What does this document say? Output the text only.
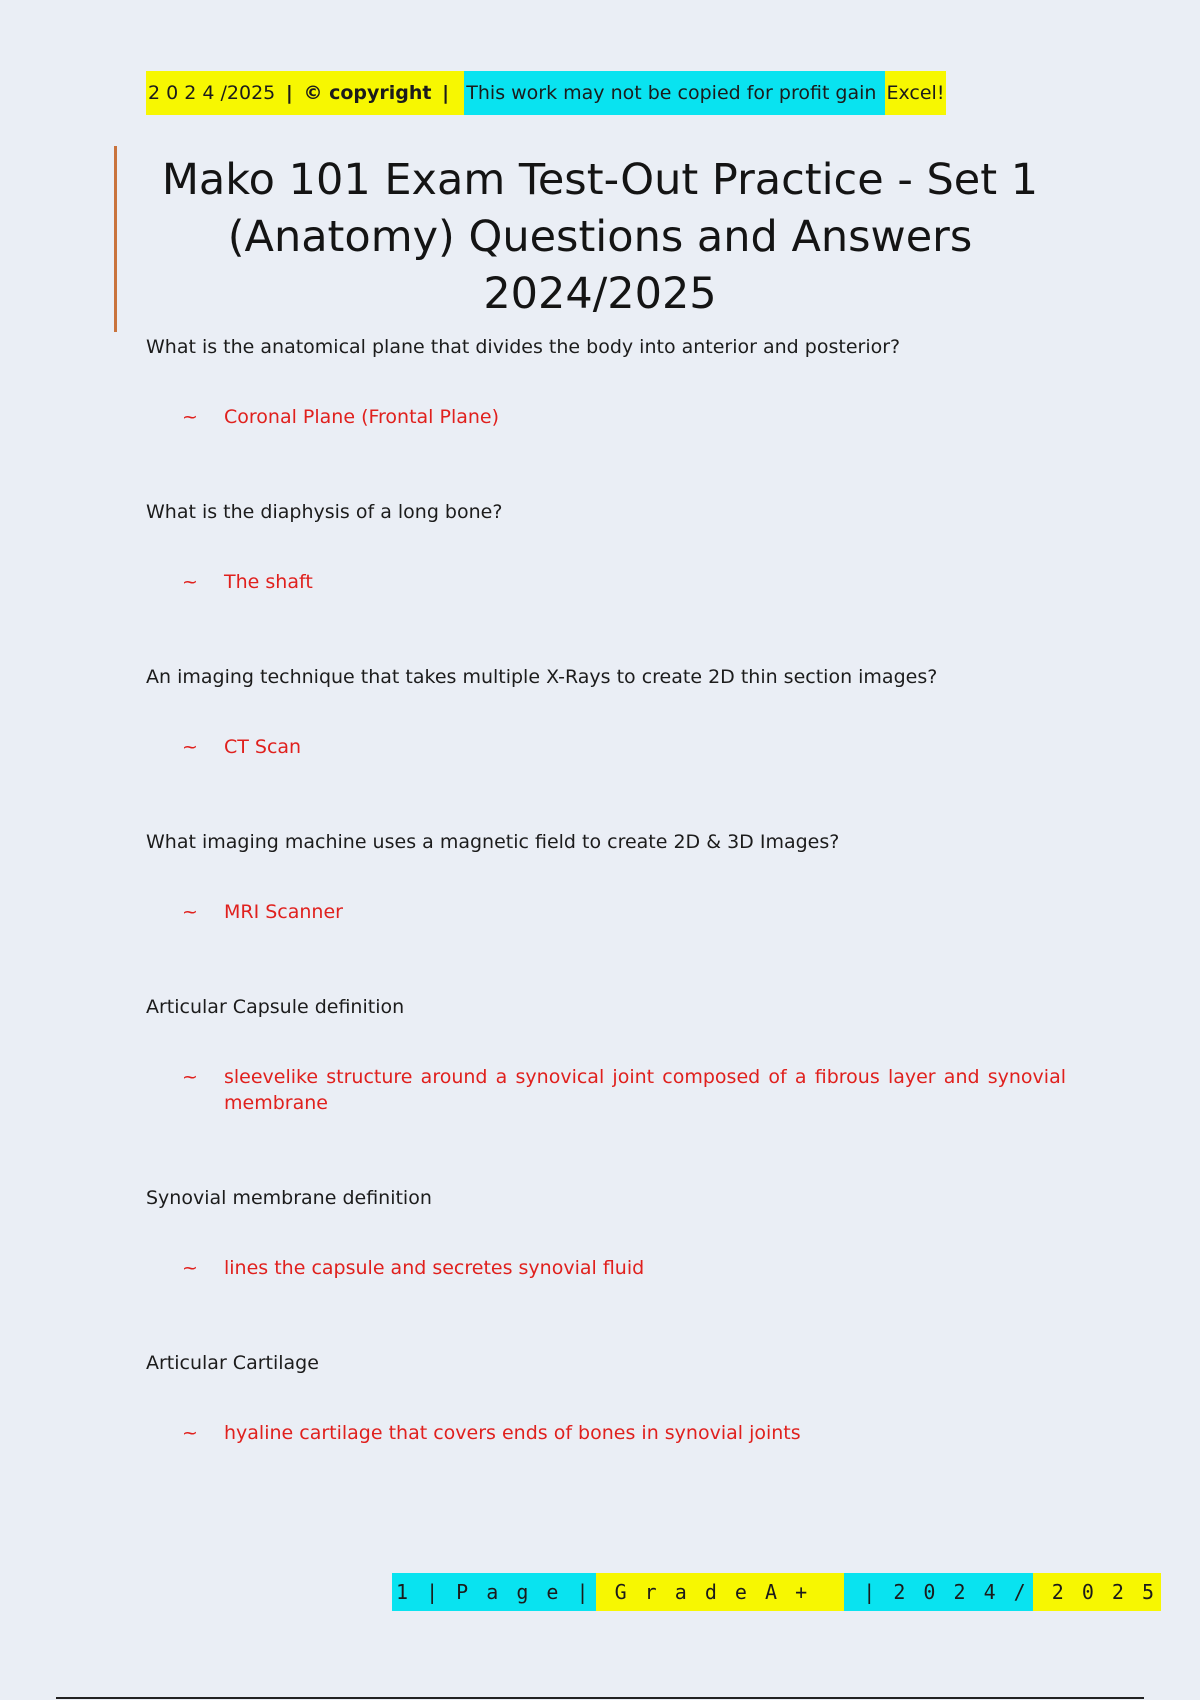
2 0 2 4 /2025 | © copyright | This work may not be copied for profit gain Excel!
Mako 101 Exam Test-Out Practice - Set 1 (Anatomy) Questions and Answers 2024/2025

What is the anatomical plane that divides the body into anterior and posterior?

~	Coronal Plane (Frontal Plane)

What is the diaphysis of a long bone?

~	The shaft

An imaging technique that takes multiple X-Rays to create 2D thin section images?

~	CT Scan

What imaging machine uses a magnetic field to create 2D & 3D Images?

~	MRI Scanner

Articular Capsule definition

~	sleevelike structure around a synovical joint composed of a fibrous layer and synovial membrane

Synovial membrane definition

~	lines the capsule and secretes synovial fluid

Articular Cartilage

~	hyaline cartilage that covers ends of bones in synovial joints
1 | P a g e | G r a d e A + | 2 0 2 4 / 2 0 2 5
